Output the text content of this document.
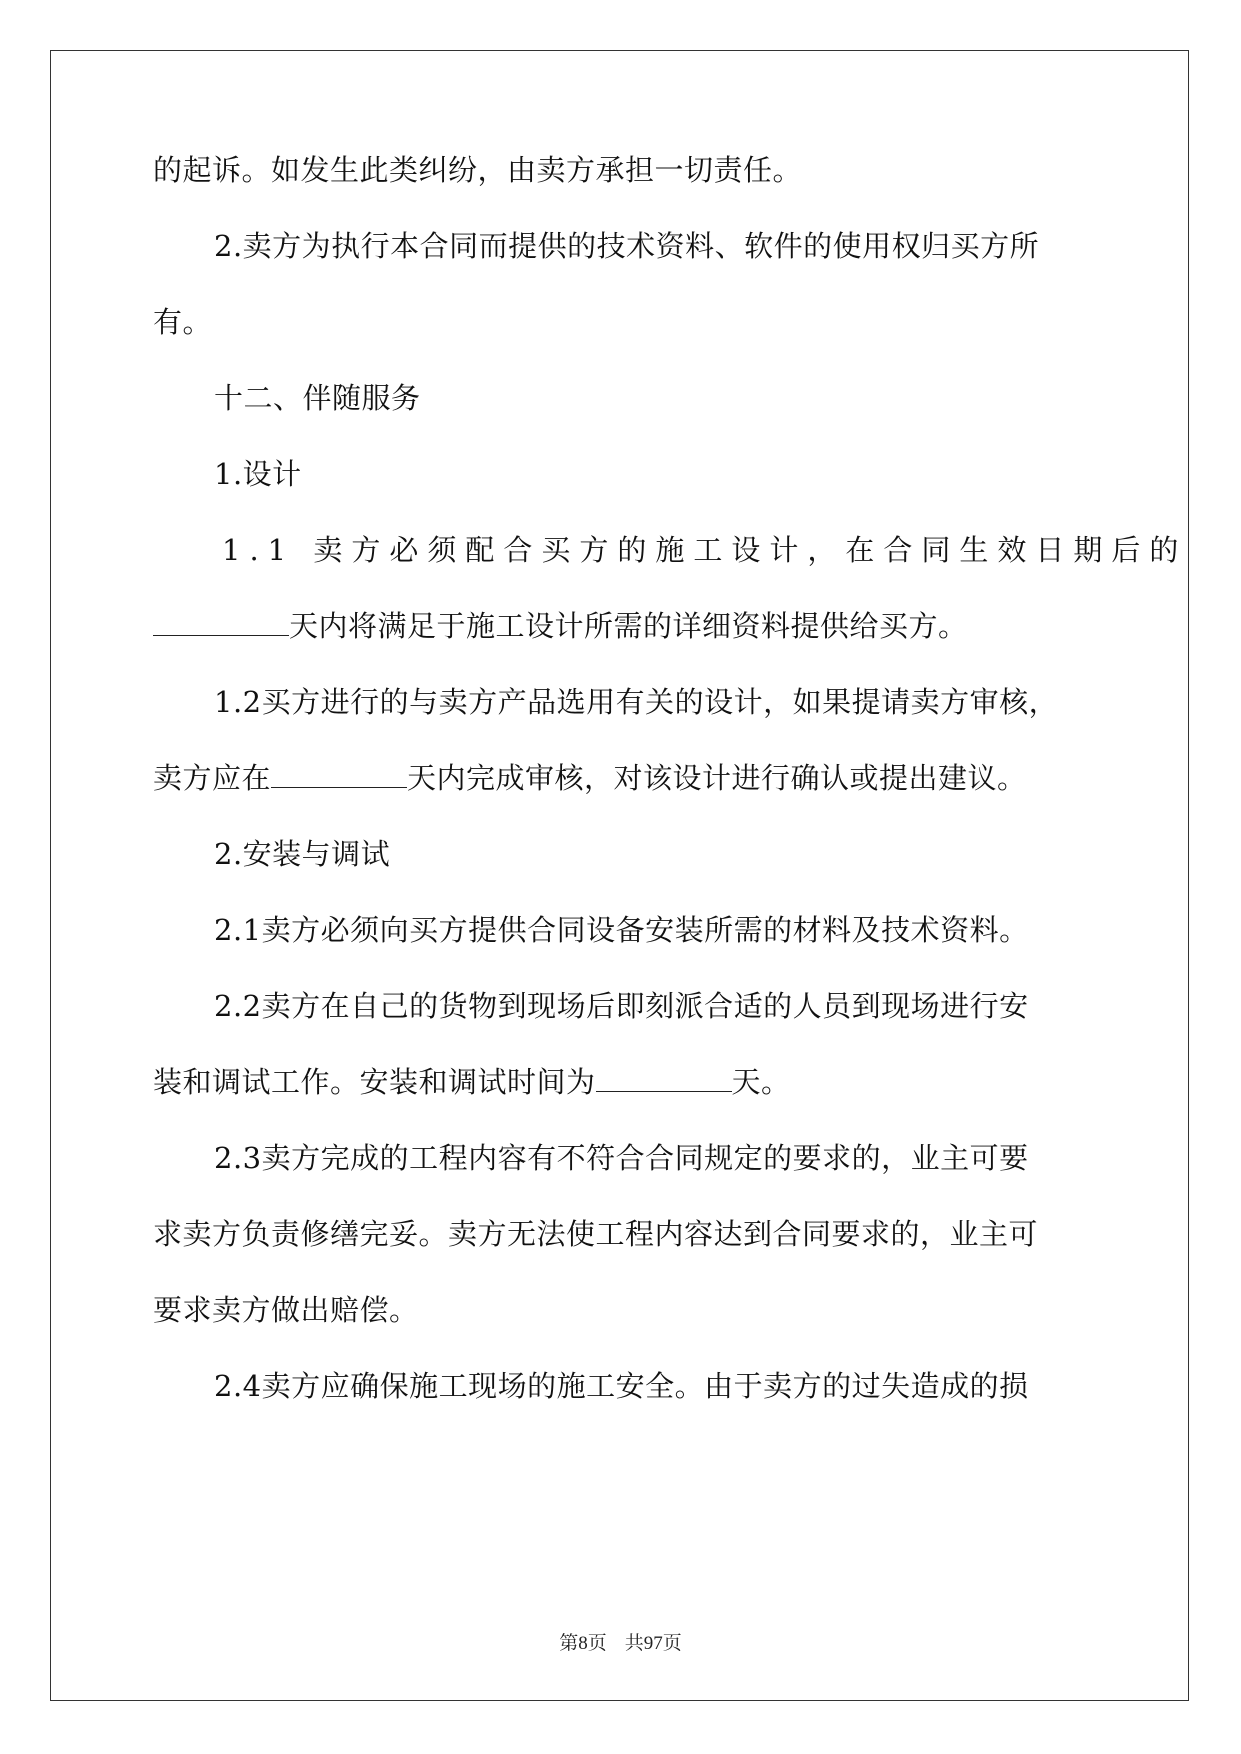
的起诉。如发生此类纠纷，由卖方承担一切责任。
2.卖方为执行本合同而提供的技术资料、软件的使用权归买方所
有。
十二、伴随服务
1.设计
1.1 卖方必须配合买方的施工设计，在合同生效日期后的
天内将满足于施工设计所需的详细资料提供给买方。
1.2买方进行的与卖方产品选用有关的设计，如果提请卖方审核，
卖方应在	天内完成审核，对该设计进行确认或提出建议。
2.安装与调试
2.1卖方必须向买方提供合同设备安装所需的材料及技术资料。
2.2卖方在自己的货物到现场后即刻派合适的人员到现场进行安
装和调试工作。安装和调试时间为	天。
2.3卖方完成的工程内容有不符合合同规定的要求的，业主可要
求卖方负责修缮完妥。卖方无法使工程内容达到合同要求的，业主可
要求卖方做出赔偿。
2.4卖方应确保施工现场的施工安全。由于卖方的过失造成的损
第8页 共97页
